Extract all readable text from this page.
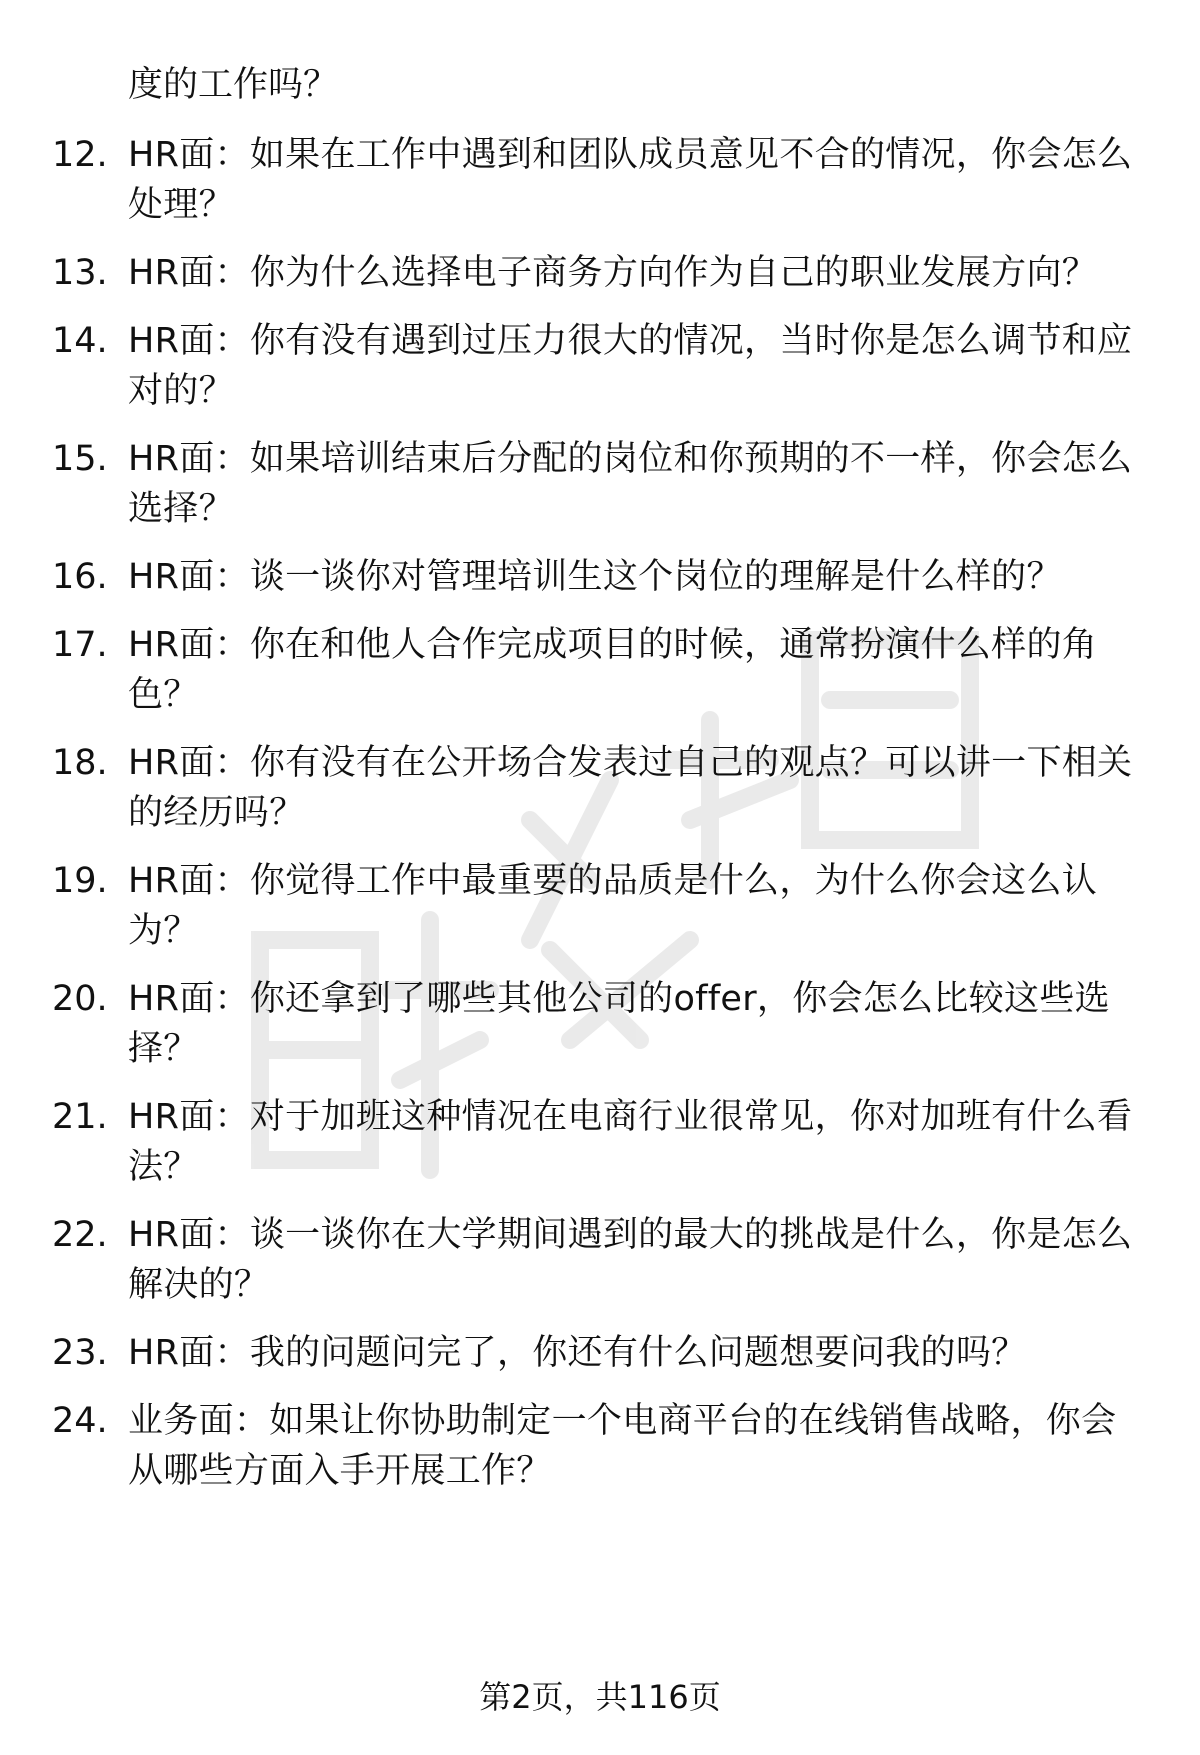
度的工作吗？
12. HR面：如果在工作中遇到和团队成员意见不合的情况，你会怎么
处理？
13. HR面：你为什么选择电子商务方向作为自己的职业发展方向？
14. HR面：你有没有遇到过压力很大的情况，当时你是怎么调节和应
对的？
15. HR面：如果培训结束后分配的岗位和你预期的不一样，你会怎么
选择？
16. HR面：谈一谈你对管理培训生这个岗位的理解是什么样的？
17. HR面：你在和他人合作完成项目的时候，通常扮演什么样的角
色？
18. HR面：你有没有在公开场合发表过自己的观点？可以讲一下相关
的经历吗？
19. HR面：你觉得工作中最重要的品质是什么，为什么你会这么认
为？
20. HR面：你还拿到了哪些其他公司的offer，你会怎么比较这些选
择？
21. HR面：对于加班这种情况在电商行业很常见，你对加班有什么看
法？
22. HR面：谈一谈你在大学期间遇到的最大的挑战是什么，你是怎么
解决的？
23. HR面：我的问题问完了，你还有什么问题想要问我的吗？
24. 业务面：如果让你协助制定一个电商平台的在线销售战略，你会
从哪些方面入手开展工作？
第2页，共116页
